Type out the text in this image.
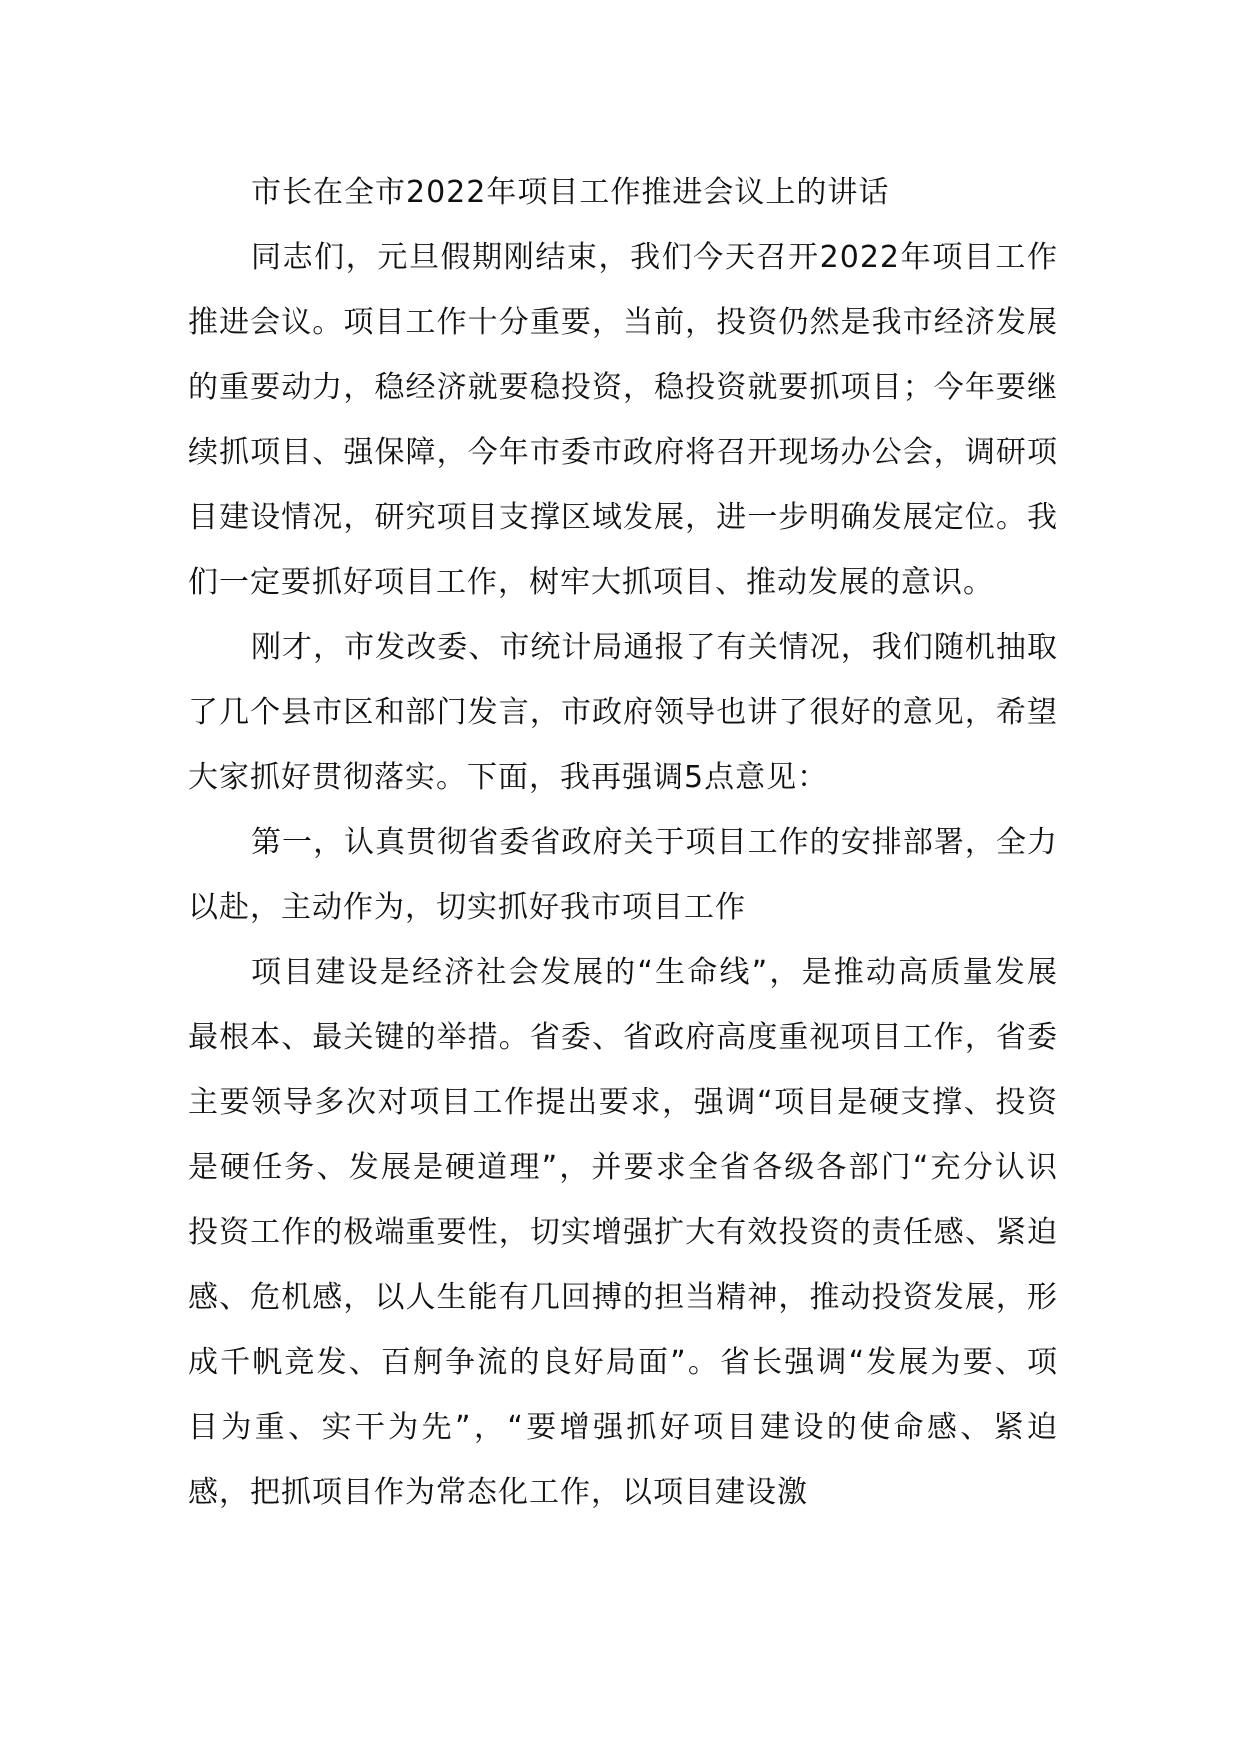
市长在全市2022年项目工作推进会议上的讲话

同志们，元旦假期刚结束，我们今天召开2022年项目工作推进会议。项目工作十分重要，当前，投资仍然是我市经济发展的重要动力，稳经济就要稳投资，稳投资就要抓项目；今年要继续抓项目、强保障，今年市委市政府将召开现场办公会，调研项目建设情况，研究项目支撑区域发展，进一步明确发展定位。我们一定要抓好项目工作，树牢大抓项目、推动发展的意识。

刚才，市发改委、市统计局通报了有关情况，我们随机抽取了几个县市区和部门发言，市政府领导也讲了很好的意见，希望大家抓好贯彻落实。下面，我再强调5点意见：

第一，认真贯彻省委省政府关于项目工作的安排部署，全力以赴，主动作为，切实抓好我市项目工作

项目建设是经济社会发展的“生命线”，是推动高质量发展最根本、最关键的举措。省委、省政府高度重视项目工作，省委主要领导多次对项目工作提出要求，强调“项目是硬支撑、投资是硬任务、发展是硬道理”，并要求全省各级各部门“充分认识投资工作的极端重要性，切实增强扩大有效投资的责任感、紧迫感、危机感，以人生能有几回搏的担当精神，推动投资发展，形成千帆竞发、百舸争流的良好局面”。省长强调“发展为要、项目为重、实干为先”，“要增强抓好项目建设的使命感、紧迫感，把抓项目作为常态化工作，以项目建设激
